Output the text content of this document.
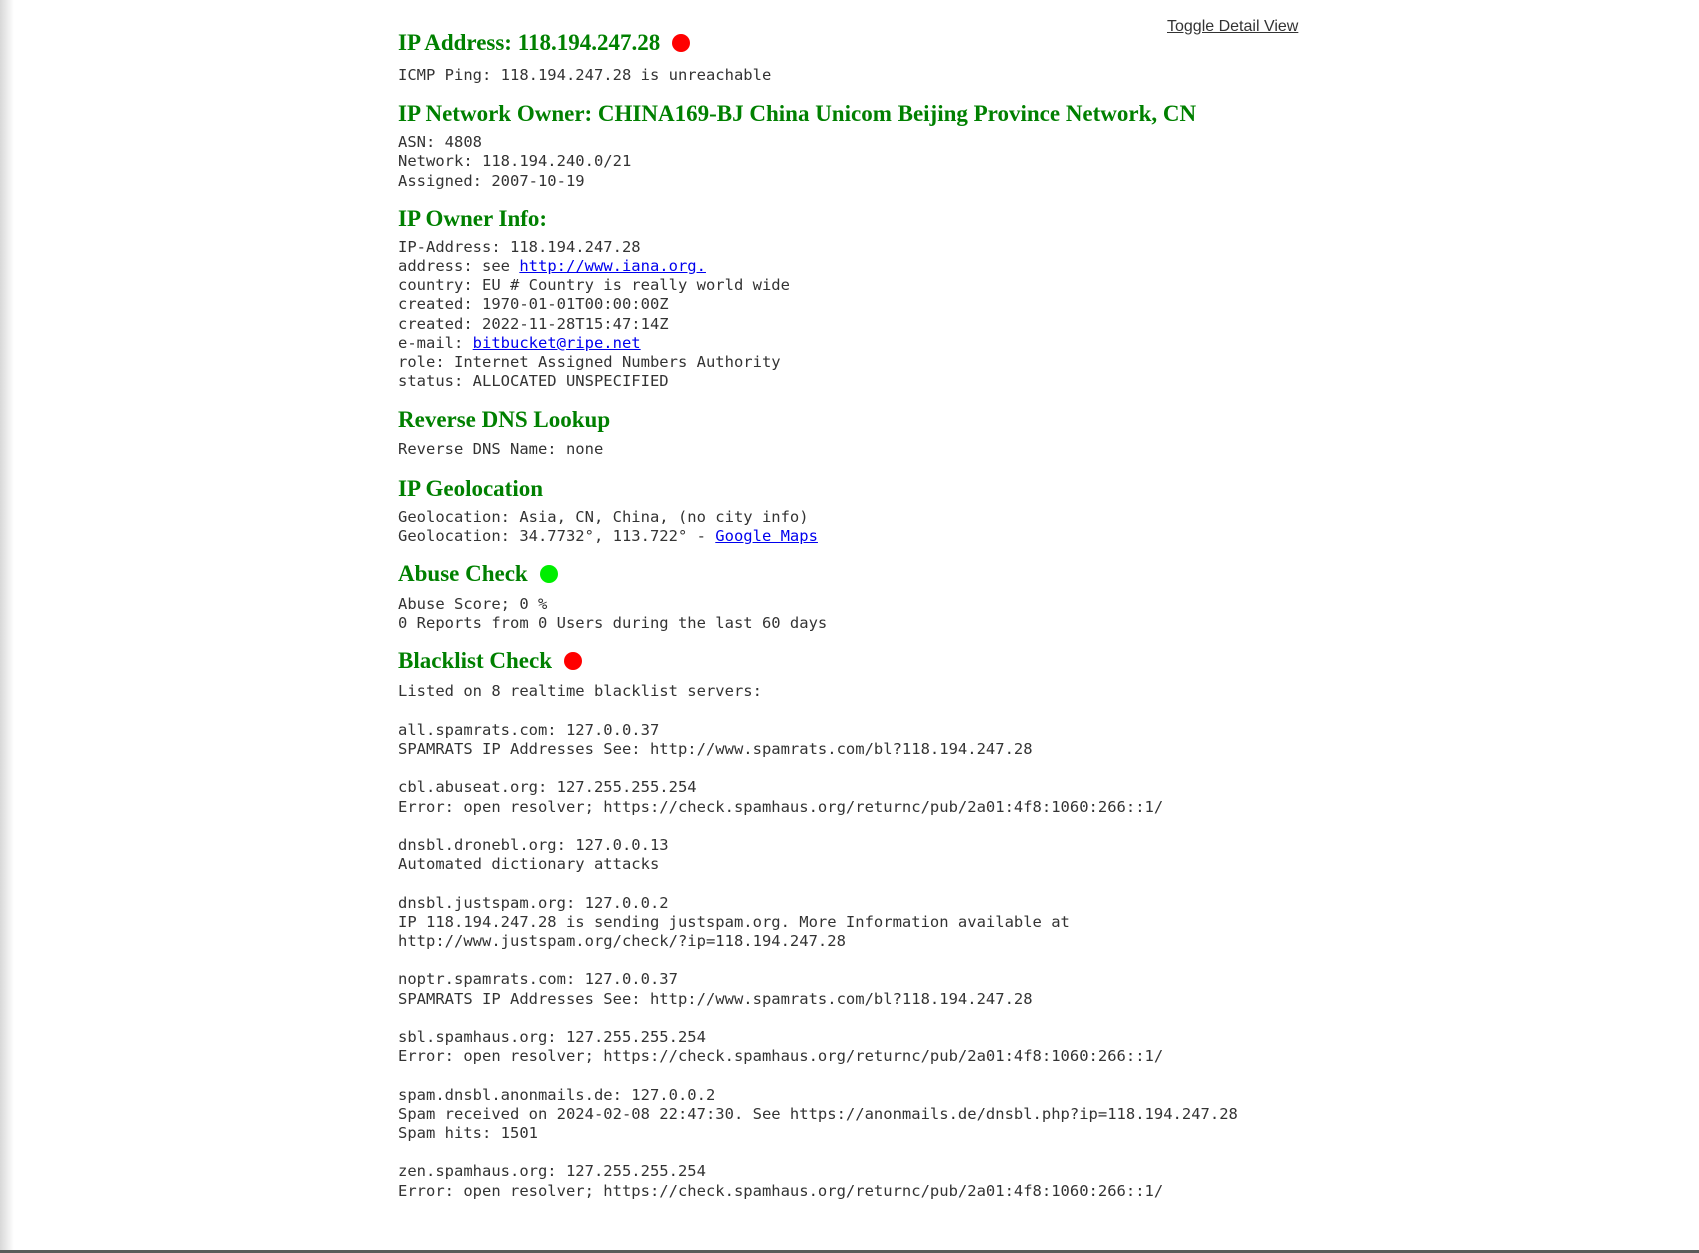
Toggle Detail View
IP Address: 118.194.247.28
ICMP Ping: 118.194.247.28 is unreachable
IP Network Owner: CHINA169-BJ China Unicom Beijing Province Network, CN
ASN: 4808
Network: 118.194.240.0/21
Assigned: 2007-10-19
IP Owner Info:
IP-Address: 118.194.247.28
address: see http://www.iana.org.
country: EU # Country is really world wide
created: 1970-01-01T00:00:00Z
created: 2022-11-28T15:47:14Z
e-mail: bitbucket@ripe.net
role: Internet Assigned Numbers Authority
status: ALLOCATED UNSPECIFIED
Reverse DNS Lookup
Reverse DNS Name: none
IP Geolocation
Geolocation: Asia, CN, China, (no city info)
Geolocation: 34.7732°, 113.722° - Google Maps
Abuse Check
Abuse Score; 0 %
0 Reports from 0 Users during the last 60 days
Blacklist Check
Listed on 8 realtime blacklist servers:
all.spamrats.com: 127.0.0.37
SPAMRATS IP Addresses See: http://www.spamrats.com/bl?118.194.247.28
cbl.abuseat.org: 127.255.255.254
Error: open resolver; https://check.spamhaus.org/returnc/pub/2a01:4f8:1060:266::1/
dnsbl.dronebl.org: 127.0.0.13
Automated dictionary attacks
dnsbl.justspam.org: 127.0.0.2
IP 118.194.247.28 is sending justspam.org. More Information available at
http://www.justspam.org/check/?ip=118.194.247.28
noptr.spamrats.com: 127.0.0.37
SPAMRATS IP Addresses See: http://www.spamrats.com/bl?118.194.247.28
sbl.spamhaus.org: 127.255.255.254
Error: open resolver; https://check.spamhaus.org/returnc/pub/2a01:4f8:1060:266::1/
spam.dnsbl.anonmails.de: 127.0.0.2
Spam received on 2024-02-08 22:47:30. See https://anonmails.de/dnsbl.php?ip=118.194.247.28
Spam hits: 1501
zen.spamhaus.org: 127.255.255.254
Error: open resolver; https://check.spamhaus.org/returnc/pub/2a01:4f8:1060:266::1/
